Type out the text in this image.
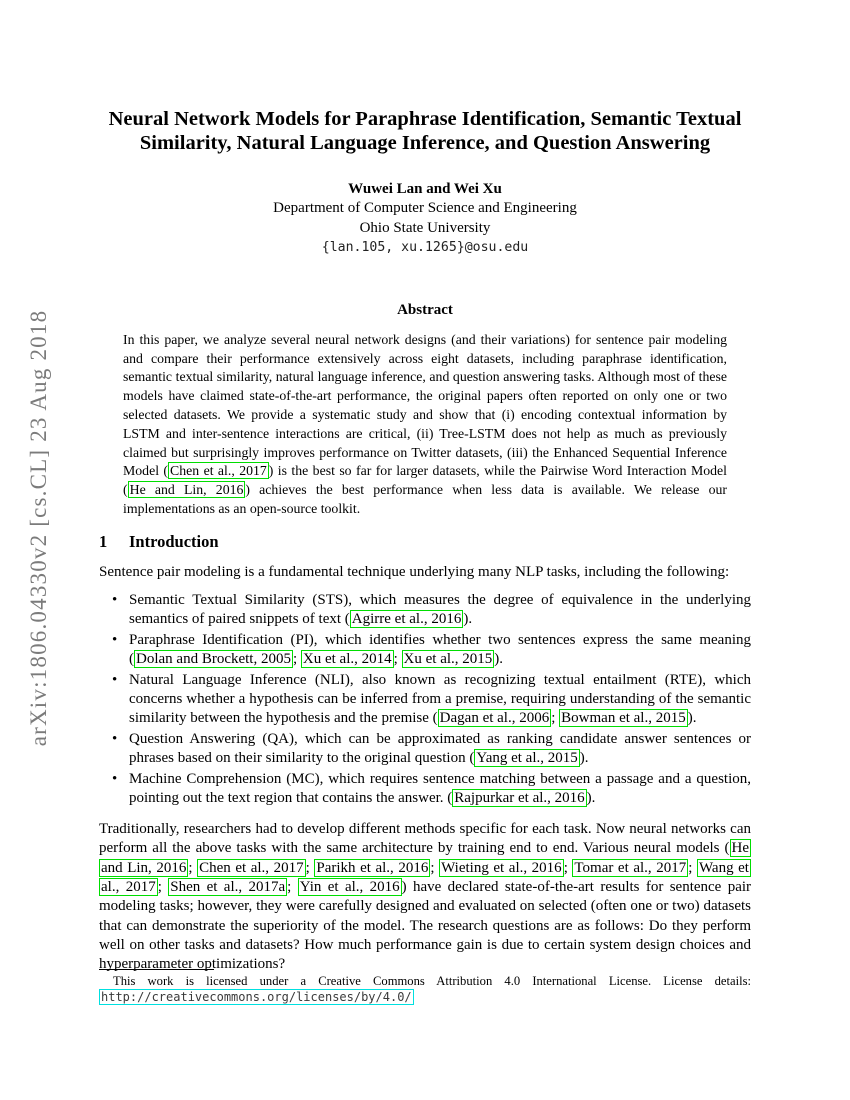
arXiv:1806.04330v2 [cs.CL] 23 Aug 2018
Neural Network Models for Paraphrase Identification, Semantic Textual Similarity, Natural Language Inference, and Question Answering
Wuwei Lan and Wei Xu
Department of Computer Science and Engineering
Ohio State University
{lan.105, xu.1265}@osu.edu
Abstract

In this paper, we analyze several neural network designs (and their variations) for sentence pair modeling and compare their performance extensively across eight datasets, including paraphrase identification, semantic textual similarity, natural language inference, and question answering tasks. Although most of these models have claimed state-of-the-art performance, the original papers often reported on only one or two selected datasets. We provide a systematic study and show that (i) encoding contextual information by LSTM and inter-sentence interactions are critical, (ii) Tree-LSTM does not help as much as previously claimed but surprisingly improves performance on Twitter datasets, (iii) the Enhanced Sequential Inference Model ( Chen et al., 2017 ) is the best so far for larger datasets, while the Pairwise Word Interaction Model ( He and Lin, 2016 ) achieves the best performance when less data is available. We release our implementations as an open-source toolkit.

1 Introduction

Sentence pair modeling is a fundamental technique underlying many NLP tasks, including the following:

•
Semantic Textual Similarity (STS), which measures the degree of equivalence in the underlying semantics of paired snippets of text ( Agirre et al., 2016 ).
•
Paraphrase Identification (PI), which identifies whether two sentences express the same meaning ( Dolan and Brockett, 2005 ; Xu et al., 2014 ; Xu et al., 2015 ).
•
Natural Language Inference (NLI), also known as recognizing textual entailment (RTE), which concerns whether a hypothesis can be inferred from a premise, requiring understanding of the semantic similarity between the hypothesis and the premise ( Dagan et al., 2006 ; Bowman et al., 2015 ).
•
Question Answering (QA), which can be approximated as ranking candidate answer sentences or phrases based on their similarity to the original question ( Yang et al., 2015 ).
•
Machine Comprehension (MC), which requires sentence matching between a passage and a question, pointing out the text region that contains the answer. ( Rajpurkar et al., 2016 ).

Traditionally, researchers had to develop different methods specific for each task. Now neural networks can perform all the above tasks with the same architecture by training end to end. Various neural models ( He and Lin, 2016 ; Chen et al., 2017 ; Parikh et al., 2016 ; Wieting et al., 2016 ; Tomar et al., 2017 ; Wang et al., 2017 ; Shen et al., 2017a ; Yin et al., 2016 ) have declared state-of-the-art results for sentence pair modeling tasks; however, they were carefully designed and evaluated on selected (often one or two) datasets that can demonstrate the superiority of the model. The research questions are as follows: Do they perform well on other tasks and datasets? How much performance gain is due to certain system design choices and hyperparameter optimizations?

This work is licensed under a Creative Commons Attribution 4.0 International License. License details: http://creativecommons.org/licenses/by/4.0/
